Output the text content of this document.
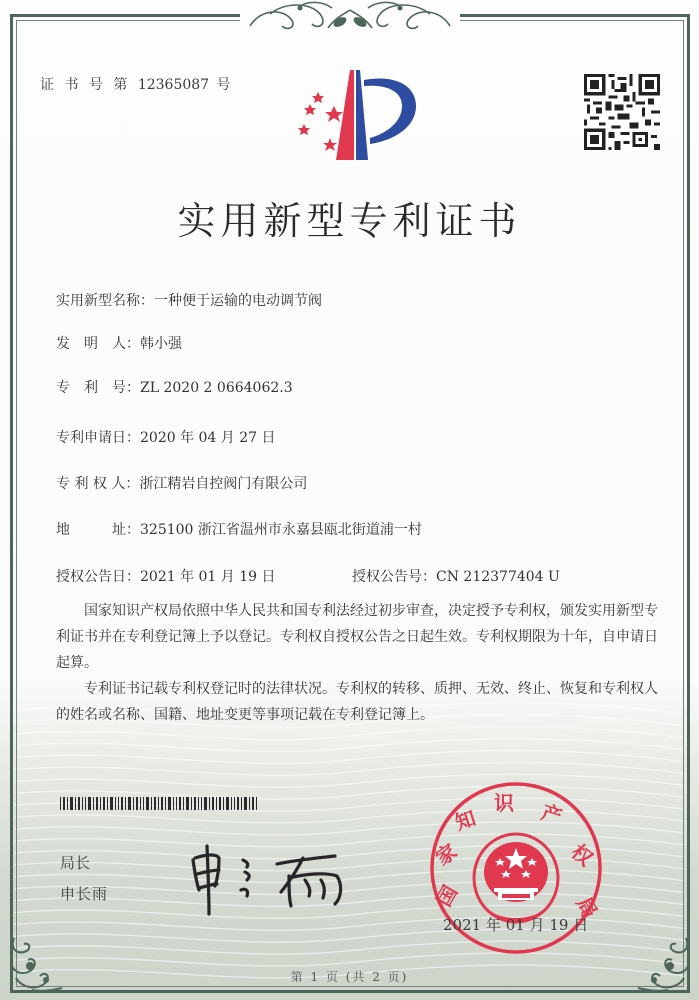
证 书 号 第 12365087 号
实用新型专利证书
实用新型名称：一种便于运输的电动调节阀
发　明　人：韩小强
专　利　号：ZL 2020 2 0664062.3
专利申请日：2020 年 04 月 27 日
专 利 权 人：浙江精岩自控阀门有限公司
地　　　址：325100 浙江省温州市永嘉县瓯北街道浦一村
授权公告日：2021 年 01 月 19 日	授权公告号：CN 212377404 U

国家知识产权局依照中华人民共和国专利法经过初步审查，决定授予专利权，颁发实用新型专利证书并在专利登记簿上予以登记。专利权自授权公告之日起生效。专利权期限为十年，自申请日起算。

专利证书记载专利权登记时的法律状况。专利权的转移、质押、无效、终止、恢复和专利权人的姓名或名称、国籍、地址变更等事项记载在专利登记簿上。

局长
申长雨	国
家
知
识 产
权
局
2021 年 01 月 19 日
第 1 页 (共 2 页)
